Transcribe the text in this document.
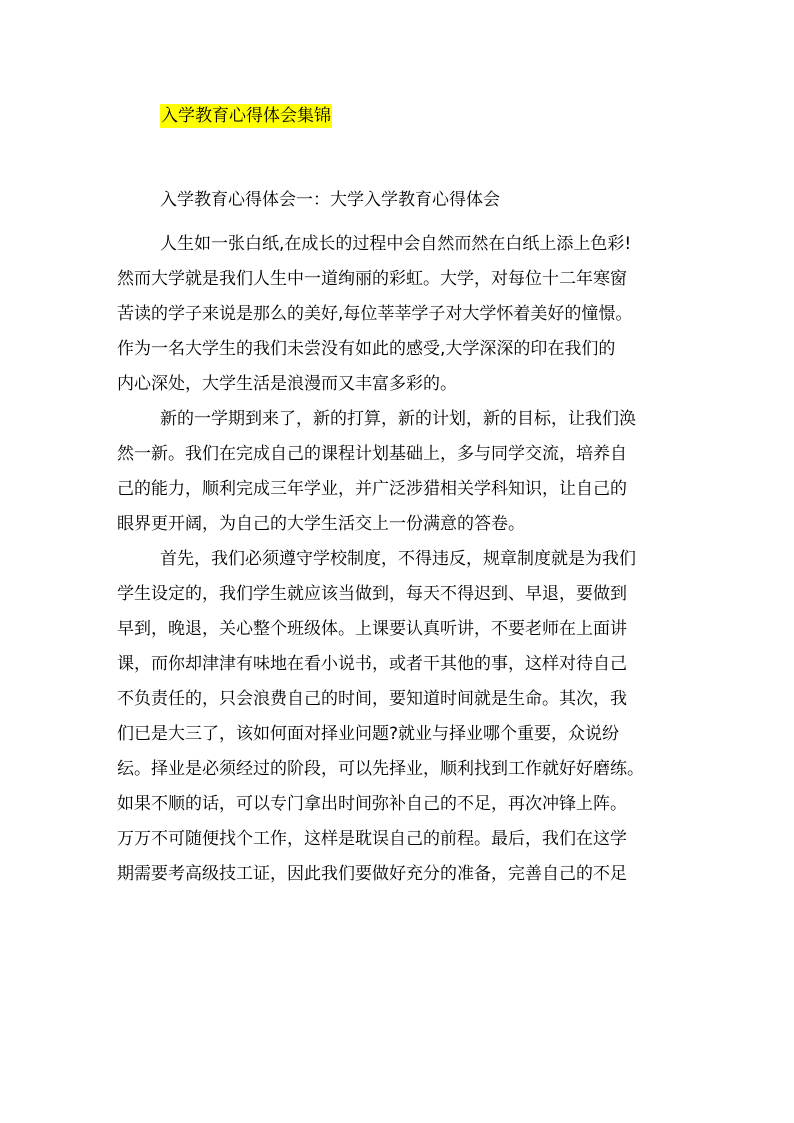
入学教育心得体会集锦
入学教育心得体会一：大学入学教育心得体会
人生如一张白纸,在成长的过程中会自然而然在白纸上添上色彩!
然而大学就是我们人生中一道绚丽的彩虹。大学，对每位十二年寒窗
苦读的学子来说是那么的美好,每位莘莘学子对大学怀着美好的憧憬。
作为一名大学生的我们未尝没有如此的感受,大学深深的印在我们的
内心深处，大学生活是浪漫而又丰富多彩的。
新的一学期到来了，新的打算，新的计划，新的目标，让我们涣
然一新。我们在完成自己的课程计划基础上，多与同学交流，培养自
己的能力，顺利完成三年学业，并广泛涉猎相关学科知识，让自己的
眼界更开阔，为自己的大学生活交上一份满意的答卷。
首先，我们必须遵守学校制度，不得违反，规章制度就是为我们
学生设定的，我们学生就应该当做到，每天不得迟到、早退，要做到
早到，晚退，关心整个班级体。上课要认真听讲，不要老师在上面讲
课，而你却津津有味地在看小说书，或者干其他的事，这样对待自己
不负责任的，只会浪费自己的时间，要知道时间就是生命。其次，我
们已是大三了，该如何面对择业问题?就业与择业哪个重要，众说纷
纭。择业是必须经过的阶段，可以先择业，顺利找到工作就好好磨练。
如果不顺的话，可以专门拿出时间弥补自己的不足，再次冲锋上阵。
万万不可随便找个工作，这样是耽误自己的前程。最后，我们在这学
期需要考高级技工证，因此我们要做好充分的准备，完善自己的不足
